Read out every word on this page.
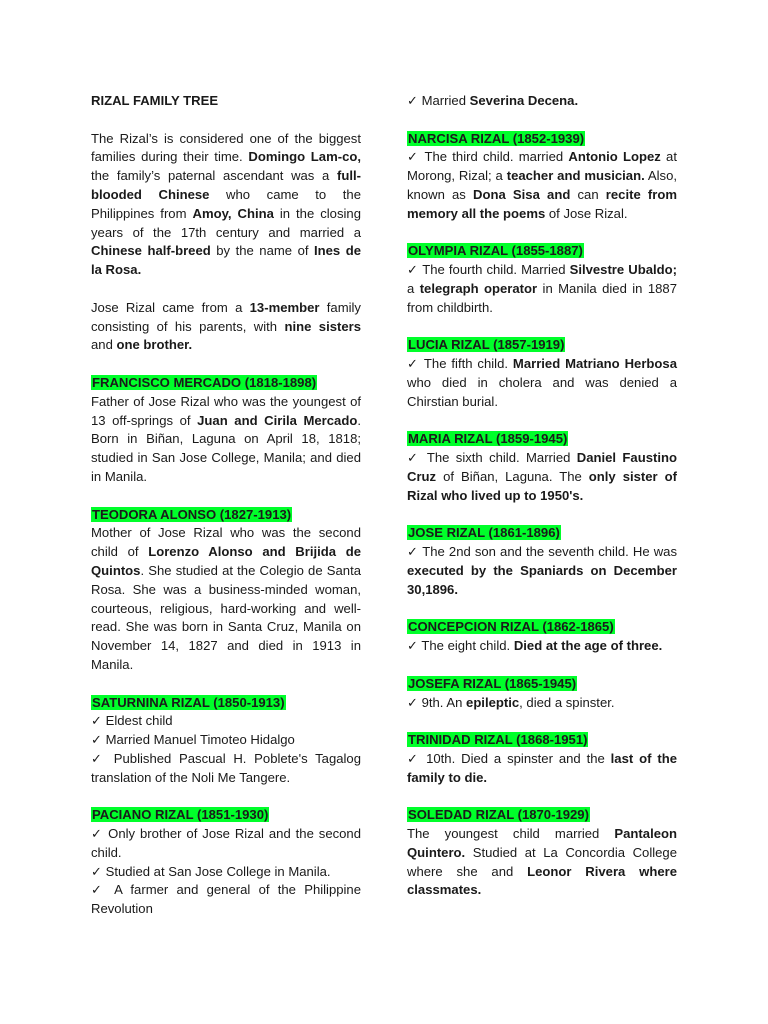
RIZAL FAMILY TREE

The Rizal’s is considered one of the biggest families during their time. Domingo Lam-co, the family’s paternal ascendant was a full-blooded Chinese who came to the Philippines from Amoy, China in the closing years of the 17th century and married a Chinese half-breed by the name of Ines de la Rosa.

Jose Rizal came from a 13-member family consisting of his parents, with nine sisters and one brother.

FRANCISCO MERCADO (1818-1898)

Father of Jose Rizal who was the youngest of 13 off-springs of Juan and Cirila Mercado. Born in Biñan, Laguna on April 18, 1818; studied in San Jose College, Manila; and died in Manila.

TEODORA ALONSO (1827-1913)

Mother of Jose Rizal who was the second child of Lorenzo Alonso and Brijida de Quintos. She studied at the Colegio de Santa Rosa. She was a business-minded woman, courteous, religious, hard-working and well-read. She was born in Santa Cruz, Manila on November 14, 1827 and died in 1913 in Manila.

SATURNINA RIZAL (1850-1913)

✓ Eldest child

✓ Married Manuel Timoteo Hidalgo

✓ Published Pascual H. Poblete's Tagalog translation of the Noli Me Tangere.

PACIANO RIZAL (1851-1930)

✓ Only brother of Jose Rizal and the second child.

✓ Studied at San Jose College in Manila.

✓ A farmer and general of the Philippine Revolution

✓ Married Severina Decena.

NARCISA RIZAL (1852-1939)

✓ The third child. married Antonio Lopez at Morong, Rizal; a teacher and musician. Also, known as Dona Sisa and can recite from memory all the poems of Jose Rizal.

OLYMPIA RIZAL (1855-1887)

✓ The fourth child. Married Silvestre Ubaldo; a telegraph operator in Manila died in 1887 from childbirth.

LUCIA RIZAL (1857-1919)

✓ The fifth child. Married Matriano Herbosa who died in cholera and was denied a Chirstian burial.

MARIA RIZAL (1859-1945)

✓ The sixth child. Married Daniel Faustino Cruz of Biñan, Laguna. The only sister of Rizal who lived up to 1950's.

JOSE RIZAL (1861-1896)

✓ The 2nd son and the seventh child. He was executed by the Spaniards on December 30,1896.

CONCEPCION RIZAL (1862-1865)

✓ The eight child. Died at the age of three.

JOSEFA RIZAL (1865-1945)

✓ 9th. An epileptic, died a spinster.

TRINIDAD RIZAL (1868-1951)

✓ 10th. Died a spinster and the last of the family to die.

SOLEDAD RIZAL (1870-1929)

The youngest child married Pantaleon Quintero. Studied at La Concordia College where she and Leonor Rivera where classmates.
